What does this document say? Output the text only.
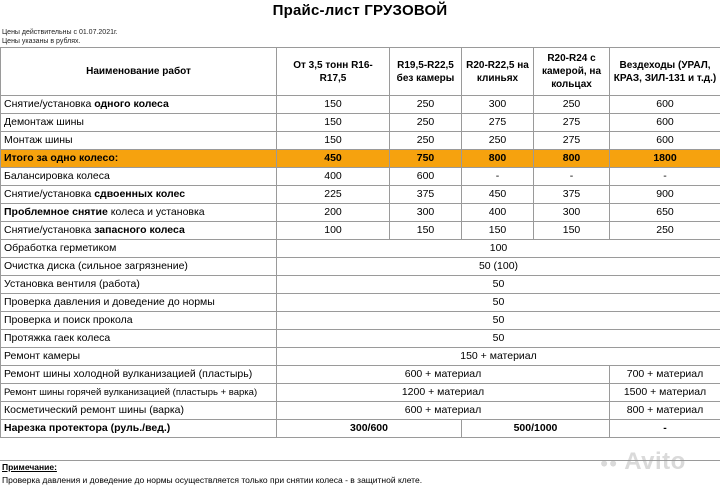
Прайс-лист ГРУЗОВОЙ
Цены действительны с 01.07.2021г.
Цены указаны в рублях.
Наименование работ	От 3,5 тонн R16-R17,5	R19,5-R22,5 без камеры	R20-R22,5 на клиньях	R20-R24 с камерой, на кольцах	Вездеходы (УРАЛ, КРАЗ, ЗИЛ-131 и т.д.)
Снятие/установка одного колеса	150	250	300	250	600
Демонтаж шины	150	250	275	275	600
Монтаж шины	150	250	250	275	600
Итого за одно колесо:	450	750	800	800	1800
Балансировка колеса	400	600	-	-	-
Снятие/установка сдвоенных колес	225	375	450	375	900
Проблемное снятие колеса и установка	200	300	400	300	650
Снятие/установка запасного колеса	100	150	150	150	250
Обработка герметиком	100				
Очистка диска (сильное загрязнение)	50 (100)				
Установка вентиля (работа)	50				
Проверка давления и доведение до нормы	50				
Проверка и поиск прокола	50				
Протяжка гаек колеса	50				
Ремонт камеры	150 + материал				
Ремонт шины холодной вулканизацией (пластырь)	600 + материал				700 + материал
Ремонт шины горячей вулканизацией (пластырь + варка)	1200 + материал				1500 + материал
Косметический ремонт шины (варка)	600 + материал				800 + материал
Нарезка протектора (руль./вед.)	300/600		500/1000		-
Примечание:
Проверка давления и доведение до нормы осуществляется только при снятии колеса - в защитной клете.
●● Avito
